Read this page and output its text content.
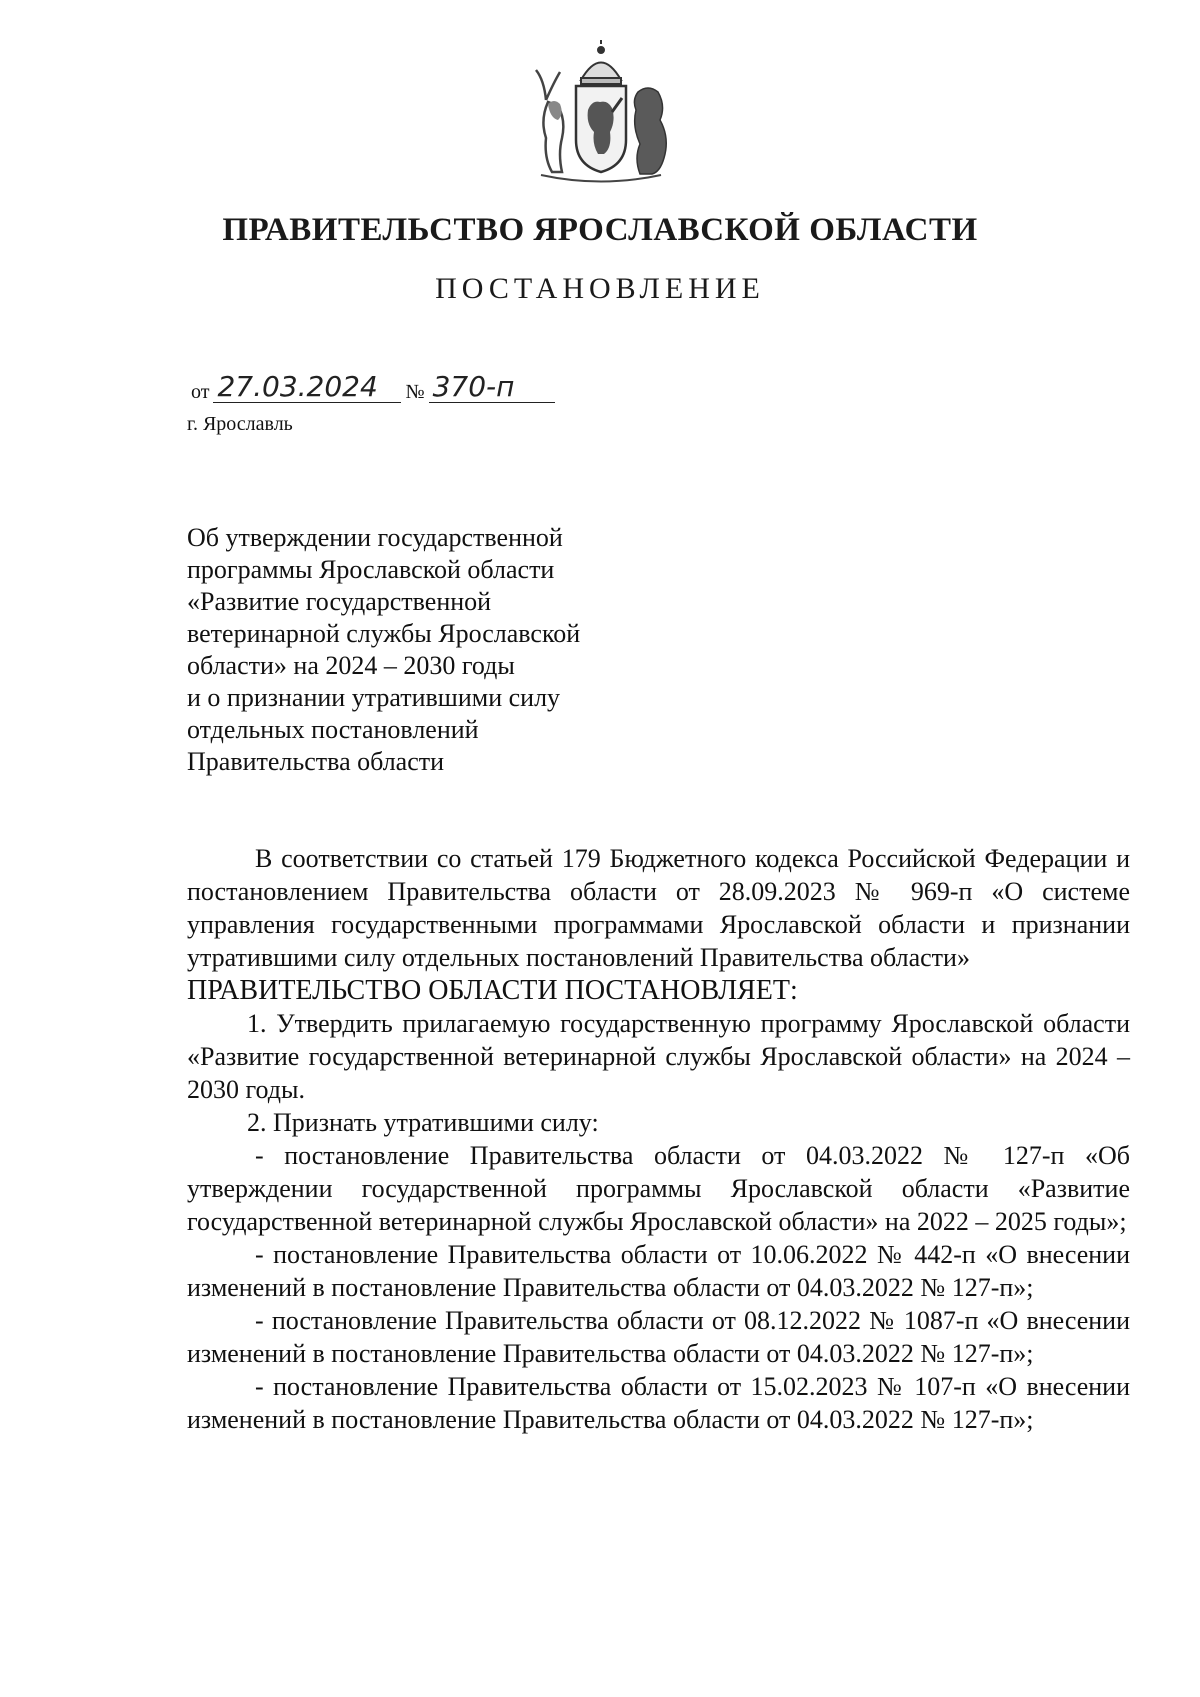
ПРАВИТЕЛЬСТВО ЯРОСЛАВСКОЙ ОБЛАСТИ
ПОСТАНОВЛЕНИЕ
от 27.03.2024	№ 370-п
г. Ярославль
Об утверждении государственной
программы Ярославской области
«Развитие государственной
ветеринарной службы Ярославской
области» на 2024 – 2030 годы
и о признании утратившими силу
отдельных постановлений
Правительства области
В соответствии со статьей 179 Бюджетного кодекса Российской Федерации и постановлением Правительства области от 28.09.2023 № 969-п «О системе управления государственными программами Ярославской области и признании утратившими силу отдельных постановлений Правительства области»
ПРАВИТЕЛЬСТВО ОБЛАСТИ ПОСТАНОВЛЯЕТ:
1. Утвердить прилагаемую государственную программу Ярославской области «Развитие государственной ветеринарной службы Ярославской области» на 2024 – 2030 годы.
2. Признать утратившими силу:
- постановление Правительства области от 04.03.2022 № 127-п «Об утверждении государственной программы Ярославской области «Развитие государственной ветеринарной службы Ярославской области» на 2022 – 2025 годы»;
- постановление Правительства области от 10.06.2022 № 442-п «О внесении изменений в постановление Правительства области от 04.03.2022 № 127-п»;
- постановление Правительства области от 08.12.2022 № 1087-п «О внесении изменений в постановление Правительства области от 04.03.2022 № 127-п»;
- постановление Правительства области от 15.02.2023 № 107-п «О внесении изменений в постановление Правительства области от 04.03.2022 № 127-п»;
